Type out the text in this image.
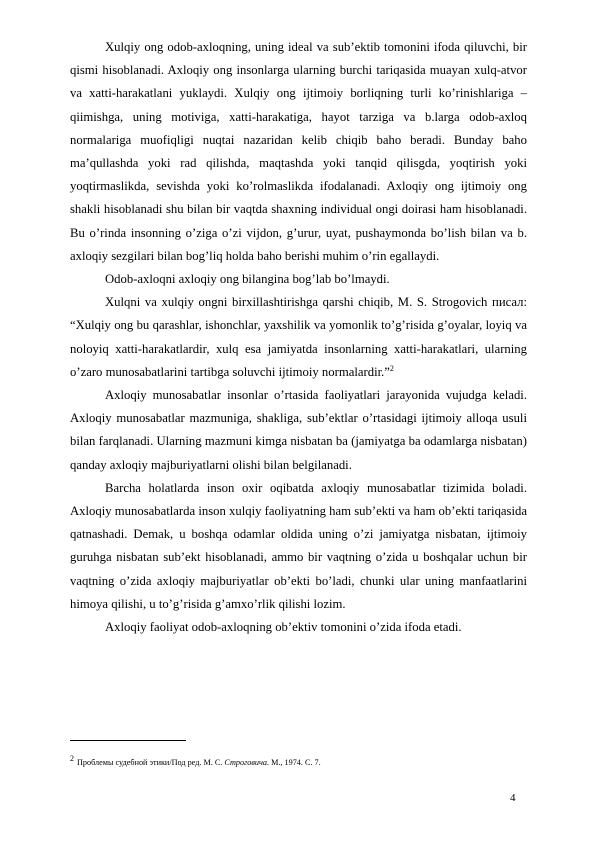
Xulqiy ong odob-axloqning, uning ideal va sub’ektib tomonini ifoda qiluvchi, bir qismi hisoblanadi. Axloqiy ong insonlarga ularning burchi tariqasida muayan xulq-atvor va xatti-harakatlani yuklaydi. Xulqiy ong ijtimoiy borliqning turli ko’rinishlariga – qiimishga, uning motiviga, xatti-harakatiga, hayot tarziga va b.larga odob-axloq normalariga muofiqligi nuqtai nazaridan kelib chiqib baho beradi. Bunday baho ma’qullashda yoki rad qilishda, maqtashda yoki tanqid qilisgda, yoqtirish yoki yoqtirmaslikda, sevishda yoki ko’rolmaslikda ifodalanadi. Axloqiy ong ijtimoiy ong shakli hisoblanadi shu bilan bir vaqtda shaxning individual ongi doirasi ham hisoblanadi. Bu o’rinda insonning o’ziga o’zi vijdon, g’urur, uyat, pushaymonda bo’lish bilan va b. axloqiy sezgilari bilan bog’liq holda baho berishi muhim o’rin egallaydi.

Odob-axloqni axloqiy ong bilangina bog’lab bo’lmaydi.

Xulqni va xulqiy ongni birxillashtirishga qarshi chiqib, M. S. Strogovich писал: “Xulqiy ong bu qarashlar, ishonchlar, yaxshilik va yomonlik to’g’risida g’oyalar, loyiq va noloyiq xatti-harakatlardir, xulq esa jamiyatda insonlarning xatti-harakatlari, ularning o’zaro munosabatlarini tartibga soluvchi ijtimoiy normalardir.”$^2$

Axloqiy munosabatlar insonlar o’rtasida faoliyatlari jarayonida vujudga keladi. Axloqiy munosabatlar mazmuniga, shakliga, sub’ektlar o’rtasidagi ijtimoiy alloqa usuli bilan farqlanadi. Ularning mazmuni kimga nisbatan ba (jamiyatga ba odamlarga nisbatan) qanday axloqiy majburiyatlarni olishi bilan belgilanadi.

Barcha holatlarda inson oxir oqibatda axloqiy munosabatlar tizimida boladi. Axloqiy munosabatlarda inson xulqiy faoliyatning ham sub’ekti va ham ob’ekti tariqasida qatnashadi. Demak, u boshqa odamlar oldida uning o’zi jamiyatga nisbatan, ijtimoiy guruhga nisbatan sub’ekt hisoblanadi, ammo bir vaqtning o’zida u boshqalar uchun bir vaqtning o’zida axloqiy majburiyatlar ob’ekti bo’ladi, chunki ular uning manfaatlarini himoya qilishi, u to’g’risida g’amxo’rlik qilishi lozim.

Axloqiy faoliyat odob-axloqning ob’ektiv tomonini o’zida ifoda etadi.

2 Проблемы судебной этики/Под ред. М. С. Строговича. М., 1974. С. 7.
4
